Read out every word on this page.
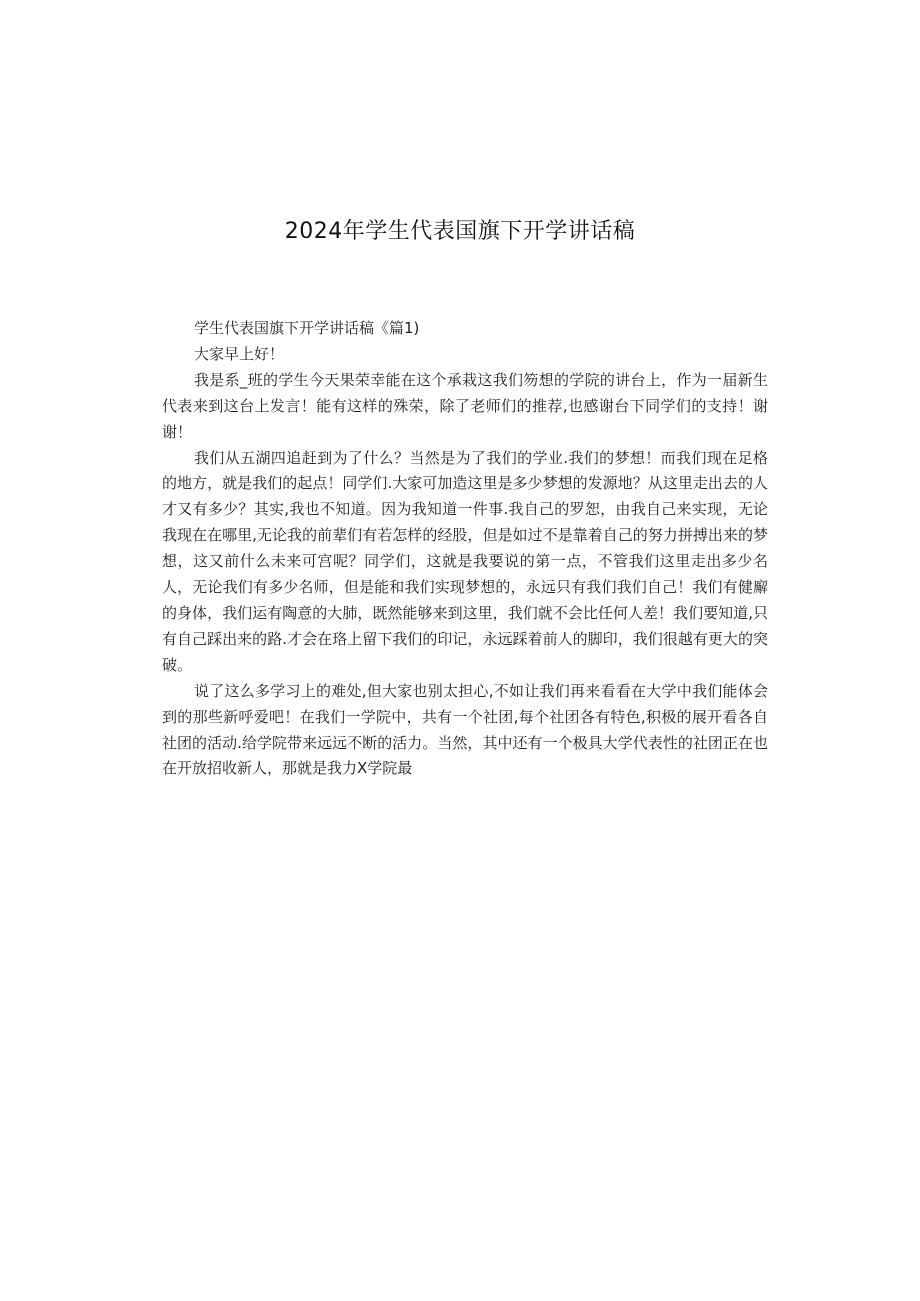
2024年学生代表国旗下开学讲话稿

学生代表国旗下开学讲话稿《篇1)

大家早上好！

我是系_班的学生今天果荣幸能在这个承栽这我们笏想的学院的讲台上，作为一届新生代表来到这台上发言！能有这样的殊荣，除了老师们的推荐,也感谢台下同学们的支持！谢谢！

我们从五湖四追赶到为了什么？当然是为了我们的学业.我们的梦想！而我们现在足格的地方，就是我们的起点！同学们.大家可加造这里是多少梦想的发源地？从这里走出去的人才又有多少？其实,我也不知道。因为我知道一件事.我自己的罗恕，由我自己来实现，无论我现在在哪里,无论我的前辈们有若怎样的经股，但是如过不是靠着自己的努力拼搏出来的梦想，这又前什么未来可宫呢？同学们，这就是我要说的第一点，不管我们这里走出多少名人，无论我们有多少名师，但是能和我们实现梦想的，永远只有我们我们自己！我们有健廨的身体，我们运有陶意的大肺，既然能够来到这里，我们就不会比任何人差！我们要知道,只有自己踩出来的路.才会在珞上留下我们的印记，永远踩着前人的脚印，我们很越有更大的突破。

说了这么多学习上的难处,但大家也别太担心,不如让我们再来看看在大学中我们能体会到的那些新呼爱吧！在我们一学院中，共有一个社团,每个社团各有特色,积极的展开看各自社团的活动.给学院带来远远不断的活力。当然，其中还有一个极具大学代表性的社团正在也在开放招收新人，那就是我力X学院最
